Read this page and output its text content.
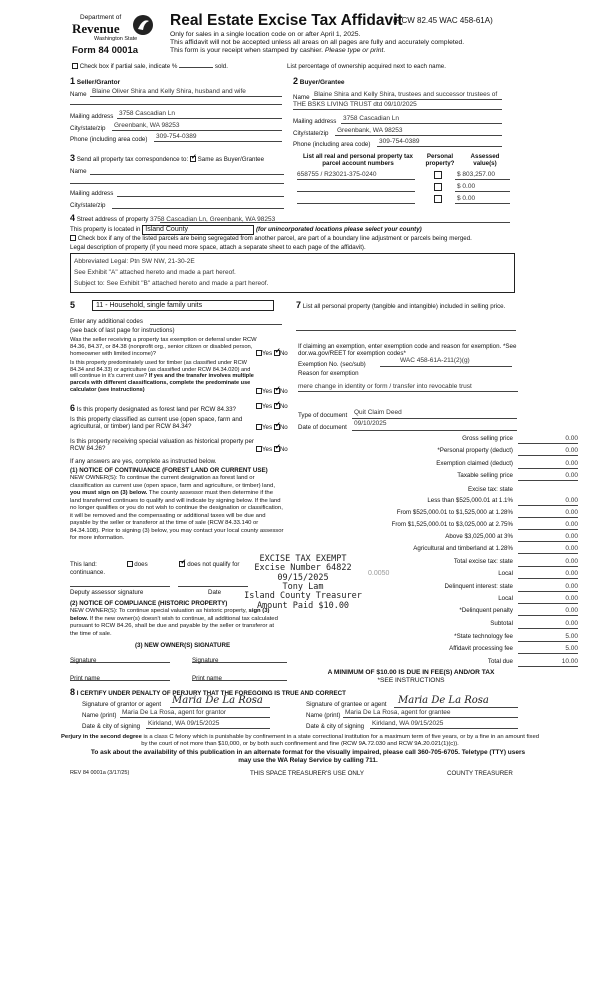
Department of
Revenue
Washington State
Form 84 0001a
Real Estate Excise Tax Affidavit
(RCW 82.45 WAC 458-61A)
Only for sales in a single location code on or after April 1, 2025.
This affidavit will not be accepted unless all areas on all pages are fully and accurately completed.
This form is your receipt when stamped by cashier. Please type or print.
Check box if partial sale, indicate %	sold.	List percentage of ownership acquired next to each name.
1 Seller/Grantor
Name Blaine Oliver Shira and Kelly Shira, husband and wife
Mailing address 3758 Cascadian Ln
City/state/zip Greenbank, WA 98253
Phone (including area code) 309-754-0389
2 Buyer/Grantee
Name Blaine Shira and Kelly Shira, trustees and successor trustees of
THE BSKS LIVING TRUST dtd 09/10/2025
Mailing address 3758 Cascadian Ln
City/state/zip Greenbank, WA 98253
Phone (including area code) 309-754-0389
3 Send all property tax correspondence to: ✓ Same as Buyer/Grantee
Name
Mailing address
City/state/zip
List all real and personal property tax parcel account numbers
Personal property?
Assessed value(s)
658755 / R23021-375-0240	$ 803,257.00
$ 0.00
$ 0.00
4 Street address of property 3758 Cascadian Ln, Greenbank, WA 98253
This property is located in Island County	(for unincorporated locations please select your county)
Check box if any of the listed parcels are being segregated from another parcel, are part of a boundary line adjustment or parcels being merged.
Legal description of property (if you need more space, attach a separate sheet to each page of the affidavit).
Abbreviated Legal: Ptn SW NW, 21-30-2E
See Exhibit "A" attached hereto and made a part hereof.
Subject to: See Exhibit "B" attached hereto and made a part hereof.
5	11 - Household, single family units
Enter any additional codes
(see back of last page for instructions)
Was the seller receiving a property tax exemption or deferral under RCW 84.36, 84.37, or 84.38 (nonprofit org., senior citizen or disabled person, homeowner with limited income)?	Yes ✓ No
Is this property predominately used for timber (as classified under RCW 84.34 and 84.33) or agriculture (as classified under RCW 84.34.020) and will continue in it's current use? If yes and the transfer involves multiple parcels with different classifications, complete the predominate use calculator (see instructions)	Yes ✓ No
6 Is this property designated as forest land per RCW 84.33?	Yes ✓ No
Is this property classified as current use (open space, farm and agricultural, or timber) land per RCW 84.34?	Yes ✓ No
Is this property receiving special valuation as historical property per RCW 84.26?	Yes ✓ No
If any answers are yes, complete as instructed below.
(1) NOTICE OF CONTINUANCE (FOREST LAND OR CURRENT USE)
NEW OWNER(S): To continue the current designation as forest land or classification as current use (open space, farm and agriculture, or timber) land, you must sign on (3) below. The county assessor must then determine if the land transferred continues to qualify and will indicate by signing below. If the land no longer qualifies or you do not wish to continue the designation or classification, it will be removed and the compensating or additional taxes will be due and payable by the seller or transferor at the time of sale (RCW 84.33.140 or 84.34.108). Prior to signing (3) below, you may contact your local county assessor for more information.
This land:	does ✓	does not qualify for
continuance.
Deputy assessor signature	Date
(2) NOTICE OF COMPLIANCE (HISTORIC PROPERTY)
NEW OWNER(S): To continue special valuation as historic property, sign (3) below. If the new owner(s) doesn't wish to continue, all additional tax calculated pursuant to RCW 84.26, shall be due and payable by the seller or transferor at the time of sale.
(3) NEW OWNER(S) SIGNATURE
Signature	Signature
Print name	Print name
7 List all personal property (tangible and intangible) included in selling price.
If claiming an exemption, enter exemption code and reason for exemption. *See dor.wa.gov/REET for exemption codes*
Exemption No. (sec/sub)
WAC 458-61A-211(2)(g)
Reason for exemption
mere change in identity or form / transfer into revocable trust
Type of document Quit Claim Deed
Date of document
09/10/2025
Gross selling price	0.00
*Personal property (deduct)	0.00
Exemption claimed (deduct)	0.00
Taxable selling price	0.00
Excise tax: state
Less than $525,000.01 at 1.1%	0.00
From $525,000.01 to $1,525,000 at 1.28%	0.00
From $1,525,000.01 to $3,025,000 at 2.75%	0.00
Above $3,025,000 at 3%	0.00
Agricultural and timberland at 1.28%	0.00
Total excise tax: state	0.00
Local	0.00
Delinquent interest: state	0.00
Local	0.00
*Delinquent penalty	0.00
Subtotal	0.00
*State technology fee	5.00
Affidavit processing fee	5.00
Total due	10.00
0.0050
A MINIMUM OF $10.00 IS DUE IN FEE(S) AND/OR TAX
*SEE INSTRUCTIONS
EXCISE TAX EXEMPT
Excise Number 64822
09/15/2025
Tony Lam
Island County Treasurer
Amount Paid $10.00
8 I CERTIFY UNDER PENALTY OF PERJURY THAT THE FOREGOING IS TRUE AND CORRECT
Signature of grantor or agent Maria De La Rosa	Signature of grantee or agent Maria De La Rosa
Name (print) Maria De La Rosa, agent for grantor	Name (print) Maria De La Rosa, agent for grantee
Date & city of signing Kirkland, WA 09/15/2025	Date & city of signing Kirkland, WA 09/15/2025
Perjury in the second degree is a class C felony which is punishable by confinement in a state correctional institution for a maximum term of five years, or by a fine in an amount fixed by the court of not more than $10,000, or by both such confinement and fine (RCW 9A.72.030 and RCW 9A.20.021(1)(c)).
To ask about the availability of this publication in an alternate format for the visually impaired, please call 360-705-6705. Teletype (TTY) users may use the WA Relay Service by calling 711.
REV 84 0001a (3/17/25)	THIS SPACE TREASURER'S USE ONLY	COUNTY TREASURER
